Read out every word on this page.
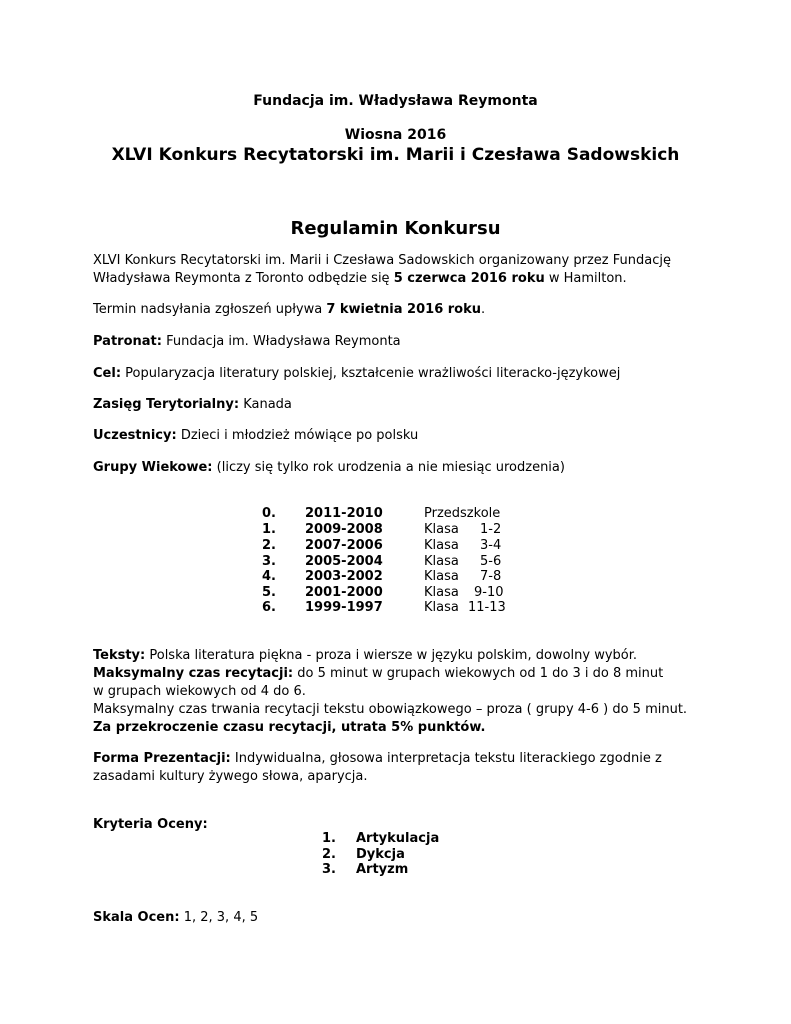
Fundacja im. Władysława Reymonta
Wiosna 2016
XLVI Konkurs Recytatorski im. Marii i Czesława Sadowskich
Regulamin Konkursu
XLVI Konkurs Recytatorski im. Marii i Czesława Sadowskich organizowany przez Fundację
Władysława Reymonta z Toronto odbędzie się 5 czerwca 2016 roku w Hamilton.
Termin nadsyłania zgłoszeń upływa 7 kwietnia 2016 roku.
Patronat: Fundacja im. Władysława Reymonta
Cel: Popularyzacja literatury polskiej, kształcenie wrażliwości literacko-językowej
Zasięg Terytorialny: Kanada
Uczestnicy: Dzieci i młodzież mówiące po polsku
Grupy Wiekowe: (liczy się tylko rok urodzenia a nie miesiąc urodzenia)
0. 2011-2010	Przedszkole
1. 2009-2008	Klasa 1-2
2. 2007-2006	Klasa 3-4
3. 2005-2004	Klasa 5-6
4. 2003-2002	Klasa 7-8
5. 2001-2000	Klasa 9-10
6. 1999-1997	Klasa 11-13
Teksty: Polska literatura piękna - proza i wiersze w języku polskim, dowolny wybór.
Maksymalny czas recytacji: do 5 minut w grupach wiekowych od 1 do 3 i do 8 minut
w grupach wiekowych od 4 do 6.
Maksymalny czas trwania recytacji tekstu obowiązkowego – proza ( grupy 4-6 ) do 5 minut.
Za przekroczenie czasu recytacji, utrata 5% punktów.
Forma Prezentacji: Indywidualna, głosowa interpretacja tekstu literackiego zgodnie z
zasadami kultury żywego słowa, aparycja.
Kryteria Oceny:
1. Artykulacja
2. Dykcja
3. Artyzm
Skala Ocen: 1, 2, 3, 4, 5
